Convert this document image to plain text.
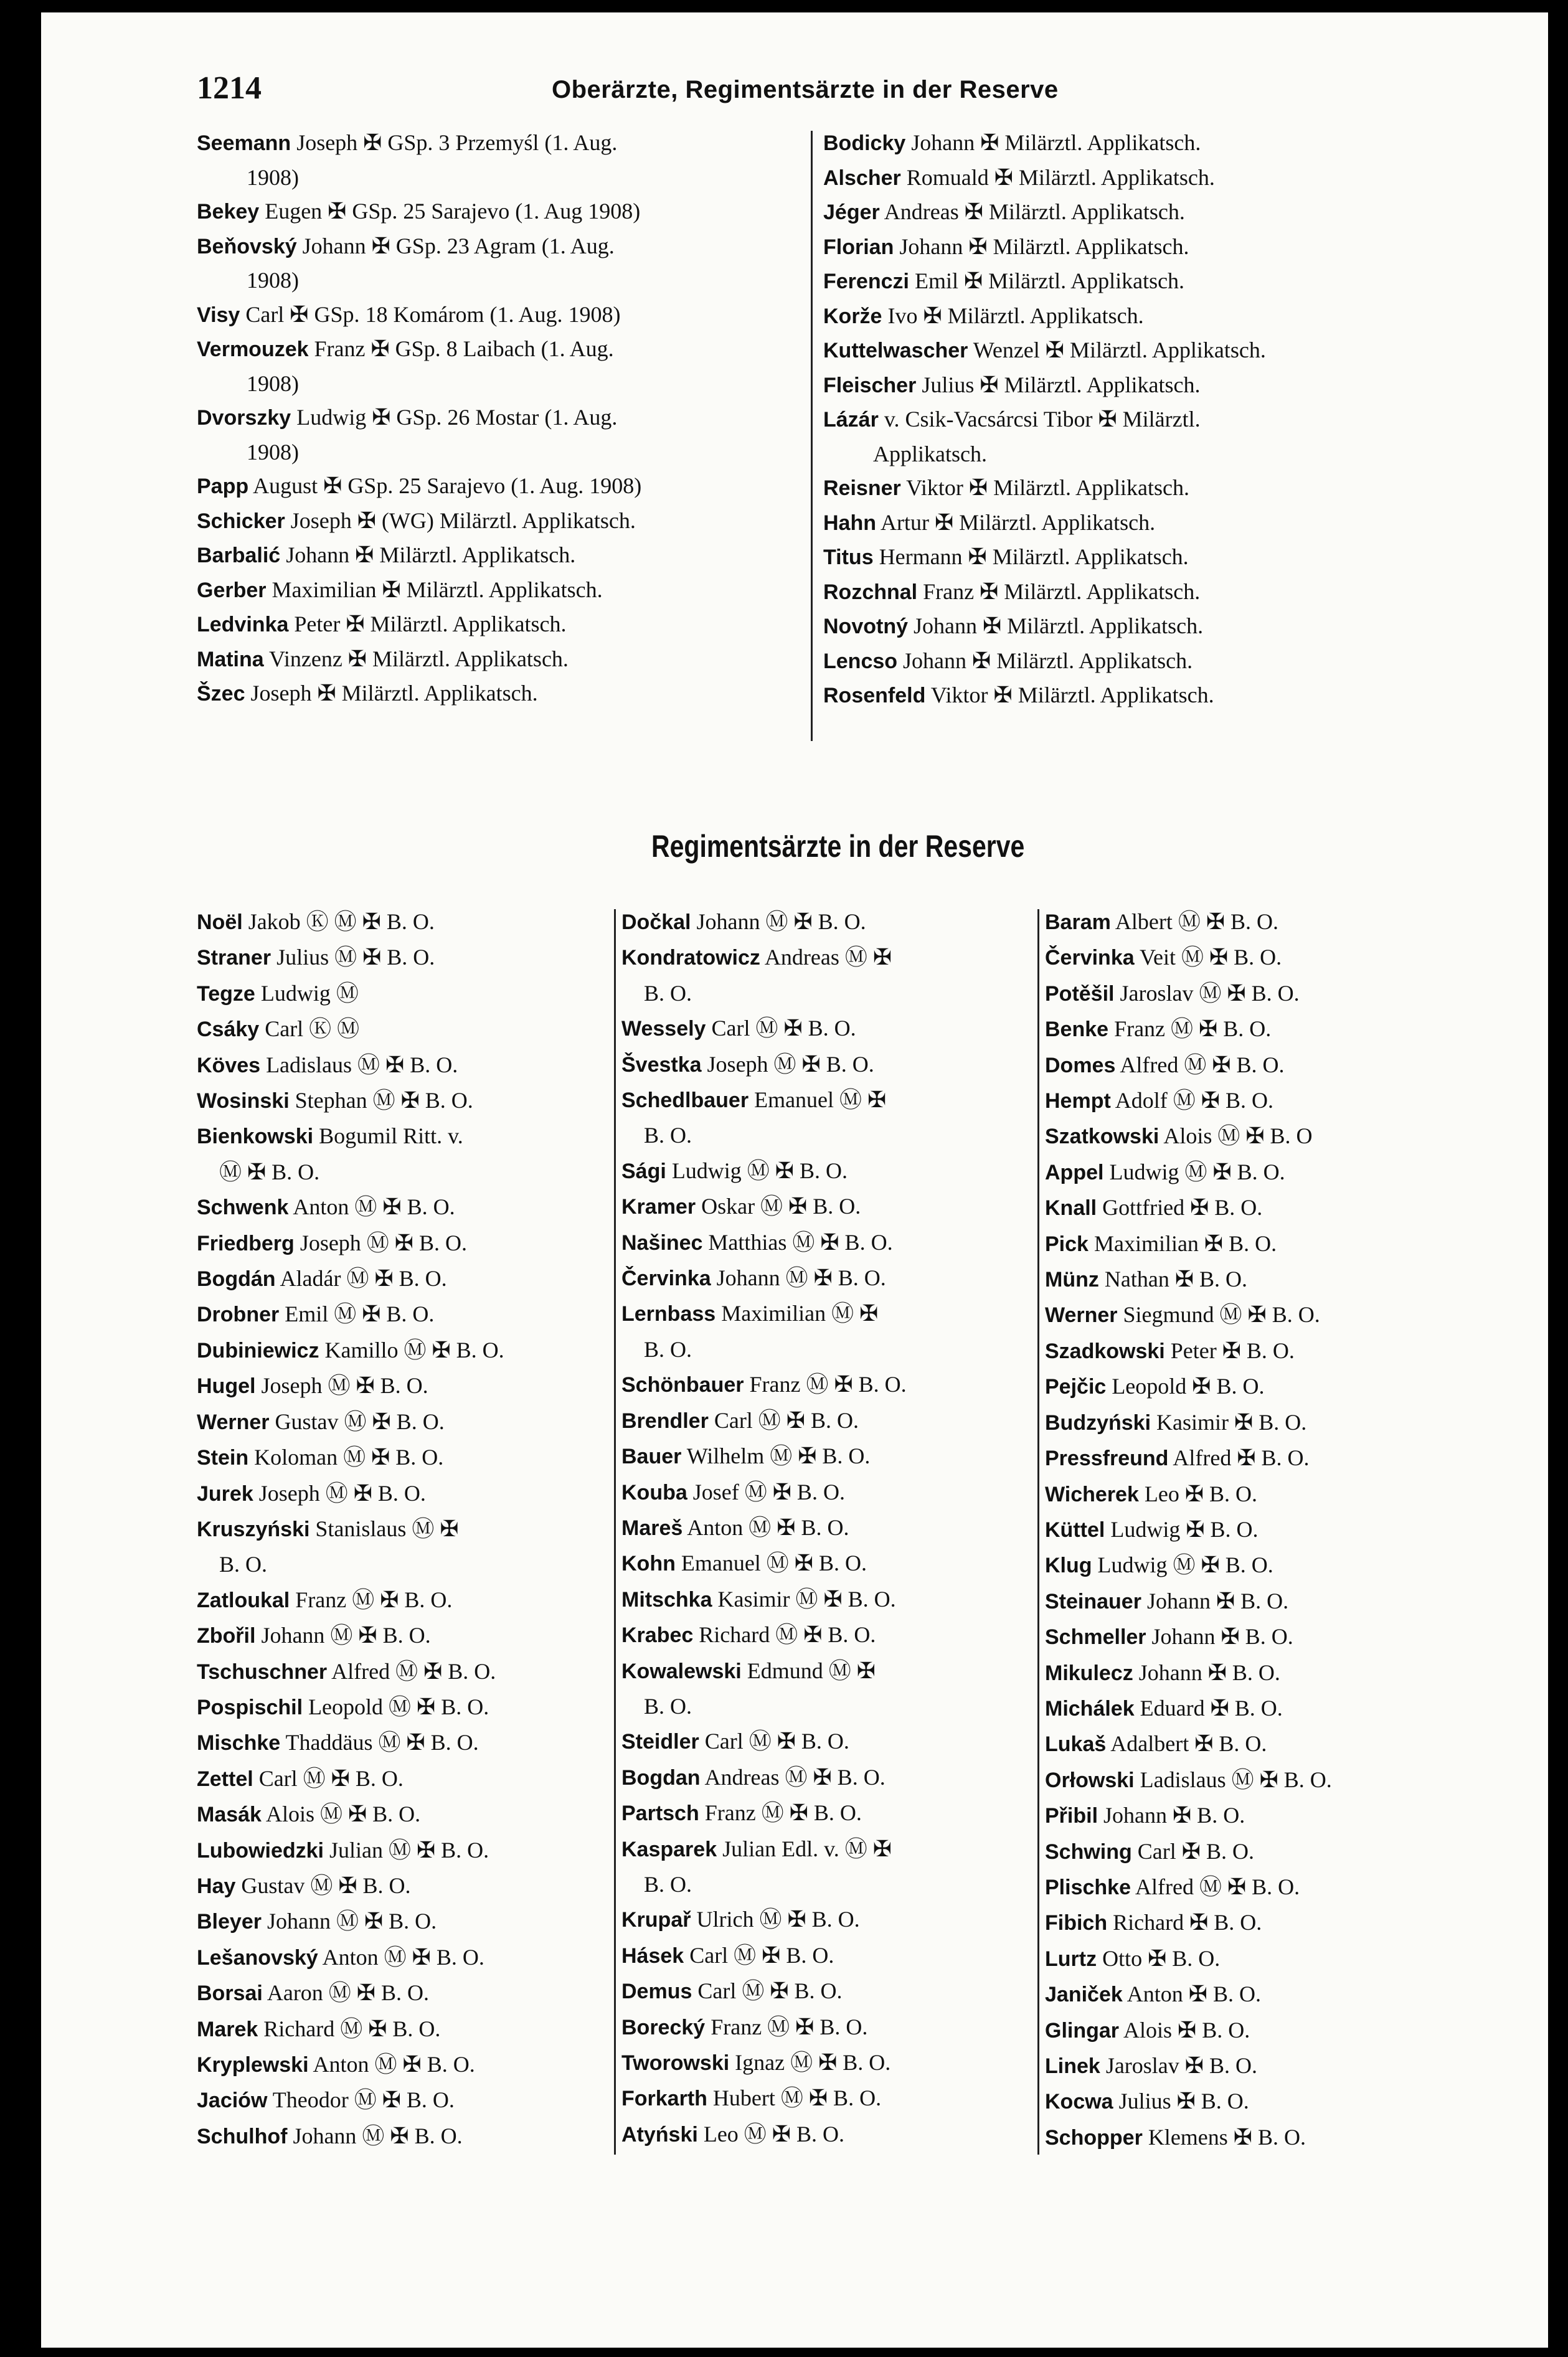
1214	Oberärzte, Regimentsärzte in der Reserve
Seemann Joseph ✠ GSp. 3 Przemyśl (1. Aug.
1908)
Bekey Eugen ✠ GSp. 25 Sarajevo (1. Aug 1908)
Beňovský Johann ✠ GSp. 23 Agram (1. Aug.
1908)
Visy Carl ✠ GSp. 18 Komárom (1. Aug. 1908)
Vermouzek Franz ✠ GSp. 8 Laibach (1. Aug.
1908)
Dvorszky Ludwig ✠ GSp. 26 Mostar (1. Aug.
1908)
Papp August ✠ GSp. 25 Sarajevo (1. Aug. 1908)
Schicker Joseph ✠ (WG) Milärztl. Applikatsch.
Barbalić Johann ✠ Milärztl. Applikatsch.
Gerber Maximilian ✠ Milärztl. Applikatsch.
Ledvinka Peter ✠ Milärztl. Applikatsch.
Matina Vinzenz ✠ Milärztl. Applikatsch.
Šzec Joseph ✠ Milärztl. Applikatsch.
Bodicky Johann ✠ Milärztl. Applikatsch.
Alscher Romuald ✠ Milärztl. Applikatsch.
Jéger Andreas ✠ Milärztl. Applikatsch.
Florian Johann ✠ Milärztl. Applikatsch.
Ferenczi Emil ✠ Milärztl. Applikatsch.
Korže Ivo ✠ Milärztl. Applikatsch.
Kuttelwascher Wenzel ✠ Milärztl. Applikatsch.
Fleischer Julius ✠ Milärztl. Applikatsch.
Lázár v. Csik-Vacsárcsi Tibor ✠ Milärztl.
Applikatsch.
Reisner Viktor ✠ Milärztl. Applikatsch.
Hahn Artur ✠ Milärztl. Applikatsch.
Titus Hermann ✠ Milärztl. Applikatsch.
Rozchnal Franz ✠ Milärztl. Applikatsch.
Novotný Johann ✠ Milärztl. Applikatsch.
Lencso Johann ✠ Milärztl. Applikatsch.
Rosenfeld Viktor ✠ Milärztl. Applikatsch.
Regimentsärzte in der Reserve
Noël Jakob Ⓚ Ⓜ ✠ B. O.
Straner Julius Ⓜ ✠ B. O.
Tegze Ludwig Ⓜ
Csáky Carl Ⓚ Ⓜ
Köves Ladislaus Ⓜ ✠ B. O.
Wosinski Stephan Ⓜ ✠ B. O.
Bienkowski Bogumil Ritt. v.
Ⓜ ✠ B. O.
Schwenk Anton Ⓜ ✠ B. O.
Friedberg Joseph Ⓜ ✠ B. O.
Bogdán Aladár Ⓜ ✠ B. O.
Drobner Emil Ⓜ ✠ B. O.
Dubiniewicz Kamillo Ⓜ ✠ B. O.
Hugel Joseph Ⓜ ✠ B. O.
Werner Gustav Ⓜ ✠ B. O.
Stein Koloman Ⓜ ✠ B. O.
Jurek Joseph Ⓜ ✠ B. O.
Kruszyński Stanislaus Ⓜ ✠
B. O.
Zatloukal Franz Ⓜ ✠ B. O.
Zbořil Johann Ⓜ ✠ B. O.
Tschuschner Alfred Ⓜ ✠ B. O.
Pospischil Leopold Ⓜ ✠ B. O.
Mischke Thaddäus Ⓜ ✠ B. O.
Zettel Carl Ⓜ ✠ B. O.
Masák Alois Ⓜ ✠ B. O.
Lubowiedzki Julian Ⓜ ✠ B. O.
Hay Gustav Ⓜ ✠ B. O.
Bleyer Johann Ⓜ ✠ B. O.
Lešanovský Anton Ⓜ ✠ B. O.
Borsai Aaron Ⓜ ✠ B. O.
Marek Richard Ⓜ ✠ B. O.
Kryplewski Anton Ⓜ ✠ B. O.
Jaciów Theodor Ⓜ ✠ B. O.
Schulhof Johann Ⓜ ✠ B. O.
Dočkal Johann Ⓜ ✠ B. O.
Kondratowicz Andreas Ⓜ ✠
B. O.
Wessely Carl Ⓜ ✠ B. O.
Švestka Joseph Ⓜ ✠ B. O.
Schedlbauer Emanuel Ⓜ ✠
B. O.
Sági Ludwig Ⓜ ✠ B. O.
Kramer Oskar Ⓜ ✠ B. O.
Našinec Matthias Ⓜ ✠ B. O.
Červinka Johann Ⓜ ✠ B. O.
Lernbass Maximilian Ⓜ ✠
B. O.
Schönbauer Franz Ⓜ ✠ B. O.
Brendler Carl Ⓜ ✠ B. O.
Bauer Wilhelm Ⓜ ✠ B. O.
Kouba Josef Ⓜ ✠ B. O.
Mareš Anton Ⓜ ✠ B. O.
Kohn Emanuel Ⓜ ✠ B. O.
Mitschka Kasimir Ⓜ ✠ B. O.
Krabec Richard Ⓜ ✠ B. O.
Kowalewski Edmund Ⓜ ✠
B. O.
Steidler Carl Ⓜ ✠ B. O.
Bogdan Andreas Ⓜ ✠ B. O.
Partsch Franz Ⓜ ✠ B. O.
Kasparek Julian Edl. v. Ⓜ ✠
B. O.
Krupař Ulrich Ⓜ ✠ B. O.
Hásek Carl Ⓜ ✠ B. O.
Demus Carl Ⓜ ✠ B. O.
Borecký Franz Ⓜ ✠ B. O.
Tworowski Ignaz Ⓜ ✠ B. O.
Forkarth Hubert Ⓜ ✠ B. O.
Atyński Leo Ⓜ ✠ B. O.
Baram Albert Ⓜ ✠ B. O.
Červinka Veit Ⓜ ✠ B. O.
Potěšil Jaroslav Ⓜ ✠ B. O.
Benke Franz Ⓜ ✠ B. O.
Domes Alfred Ⓜ ✠ B. O.
Hempt Adolf Ⓜ ✠ B. O.
Szatkowski Alois Ⓜ ✠ B. O
Appel Ludwig Ⓜ ✠ B. O.
Knall Gottfried ✠ B. O.
Pick Maximilian ✠ B. O.
Münz Nathan ✠ B. O.
Werner Siegmund Ⓜ ✠ B. O.
Szadkowski Peter ✠ B. O.
Pejčic Leopold ✠ B. O.
Budzyński Kasimir ✠ B. O.
Pressfreund Alfred ✠ B. O.
Wicherek Leo ✠ B. O.
Küttel Ludwig ✠ B. O.
Klug Ludwig Ⓜ ✠ B. O.
Steinauer Johann ✠ B. O.
Schmeller Johann ✠ B. O.
Mikulecz Johann ✠ B. O.
Michálek Eduard ✠ B. O.
Lukaš Adalbert ✠ B. O.
Orłowski Ladislaus Ⓜ ✠ B. O.
Přibil Johann ✠ B. O.
Schwing Carl ✠ B. O.
Plischke Alfred Ⓜ ✠ B. O.
Fibich Richard ✠ B. O.
Lurtz Otto ✠ B. O.
Janiček Anton ✠ B. O.
Glingar Alois ✠ B. O.
Linek Jaroslav ✠ B. O.
Kocwa Julius ✠ B. O.
Schopper Klemens ✠ B. O.
